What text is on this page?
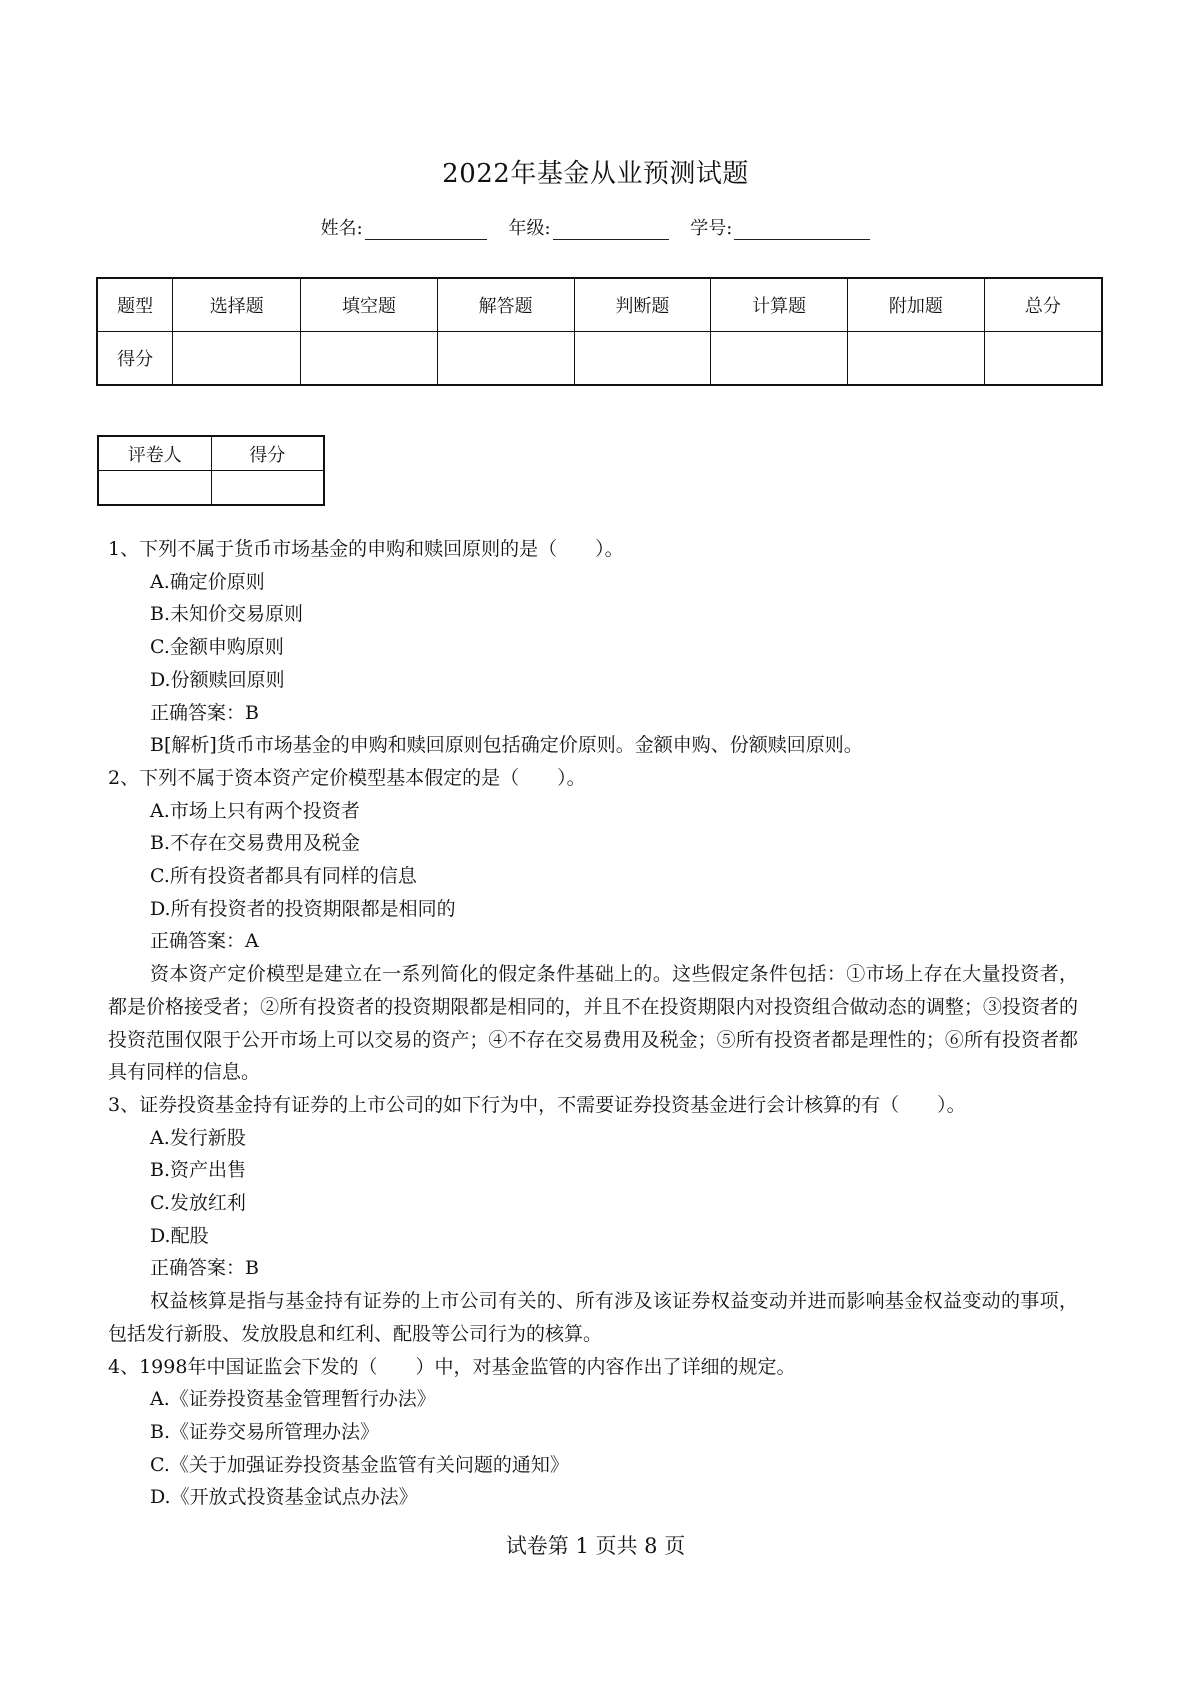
2022年基金从业预测试题
姓名:	年级:	学号:
题型	选择题	填空题	解答题	判断题	计算题	附加题	总分
得分							
评卷人	得分

1、下列不属于货币市场基金的申购和赎回原则的是（　　）。

A.确定价原则

B.未知价交易原则

C.金额申购原则

D.份额赎回原则

正确答案：B

B[解析]货币市场基金的申购和赎回原则包括确定价原则。金额申购、份额赎回原则。

2、下列不属于资本资产定价模型基本假定的是（　　）。

A.市场上只有两个投资者

B.不存在交易费用及税金

C.所有投资者都具有同样的信息

D.所有投资者的投资期限都是相同的

正确答案：A

资本资产定价模型是建立在一系列简化的假定条件基础上的。这些假定条件包括：①市场上存在大量投资者，都是价格接受者；②所有投资者的投资期限都是相同的，并且不在投资期限内对投资组合做动态的调整；③投资者的投资范围仅限于公开市场上可以交易的资产；④不存在交易费用及税金；⑤所有投资者都是理性的；⑥所有投资者都具有同样的信息。

3、证券投资基金持有证券的上市公司的如下行为中，不需要证券投资基金进行会计核算的有（　　）。

A.发行新股

B.资产出售

C.发放红利

D.配股

正确答案：B

权益核算是指与基金持有证券的上市公司有关的、所有涉及该证券权益变动并进而影响基金权益变动的事项，包括发行新股、发放股息和红利、配股等公司行为的核算。

4、1998年中国证监会下发的（　　）中，对基金监管的内容作出了详细的规定。

A.《证券投资基金管理暂行办法》

B.《证券交易所管理办法》

C.《关于加强证券投资基金监管有关问题的通知》

D.《开放式投资基金试点办法》

试卷第 1 页共 8 页
